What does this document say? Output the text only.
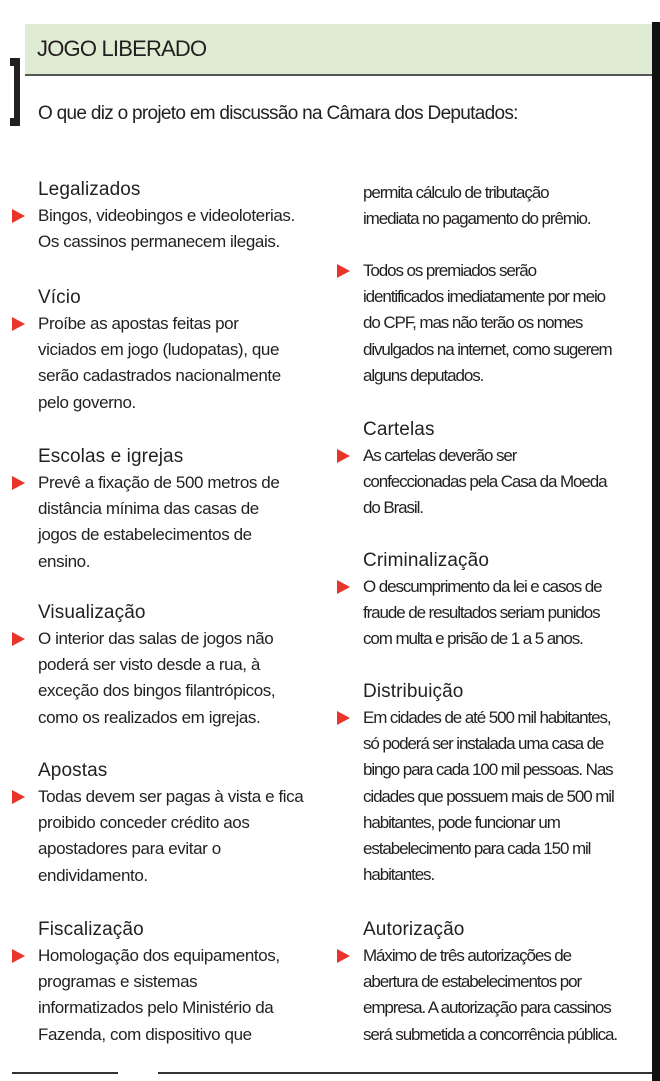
JOGO LIBERADO
O que diz o projeto em discussão na Câmara dos Deputados:
Legalizados
Bingos, videobingos e videoloterias.
Os cassinos permanecem ilegais.
Vício
Proíbe as apostas feitas por
viciados em jogo (ludopatas), que
serão cadastrados nacionalmente
pelo governo.
Escolas e igrejas
Prevê a fixação de 500 metros de
distância mínima das casas de
jogos de estabelecimentos de
ensino.
Visualização
O interior das salas de jogos não
poderá ser visto desde a rua, à
exceção dos bingos filantrópicos,
como os realizados em igrejas.
Apostas
Todas devem ser pagas à vista e fica
proibido conceder crédito aos
apostadores para evitar o
endividamento.
Fiscalização
Homologação dos equipamentos,
programas e sistemas
informatizados pelo Ministério da
Fazenda, com dispositivo que
permita cálculo de tributação
imediata no pagamento do prêmio.
Todos os premiados serão
identificados imediatamente por meio
do CPF, mas não terão os nomes
divulgados na internet, como sugerem
alguns deputados.
Cartelas
As cartelas deverão ser
confeccionadas pela Casa da Moeda
do Brasil.
Criminalização
O descumprimento da lei e casos de
fraude de resultados seriam punidos
com multa e prisão de 1 a 5 anos.
Distribuição
Em cidades de até 500 mil habitantes,
só poderá ser instalada uma casa de
bingo para cada 100 mil pessoas. Nas
cidades que possuem mais de 500 mil
habitantes, pode funcionar um
estabelecimento para cada 150 mil
habitantes.
Autorização
Máximo de três autorizações de
abertura de estabelecimentos por
empresa. A autorização para cassinos
será submetida a concorrência pública.
